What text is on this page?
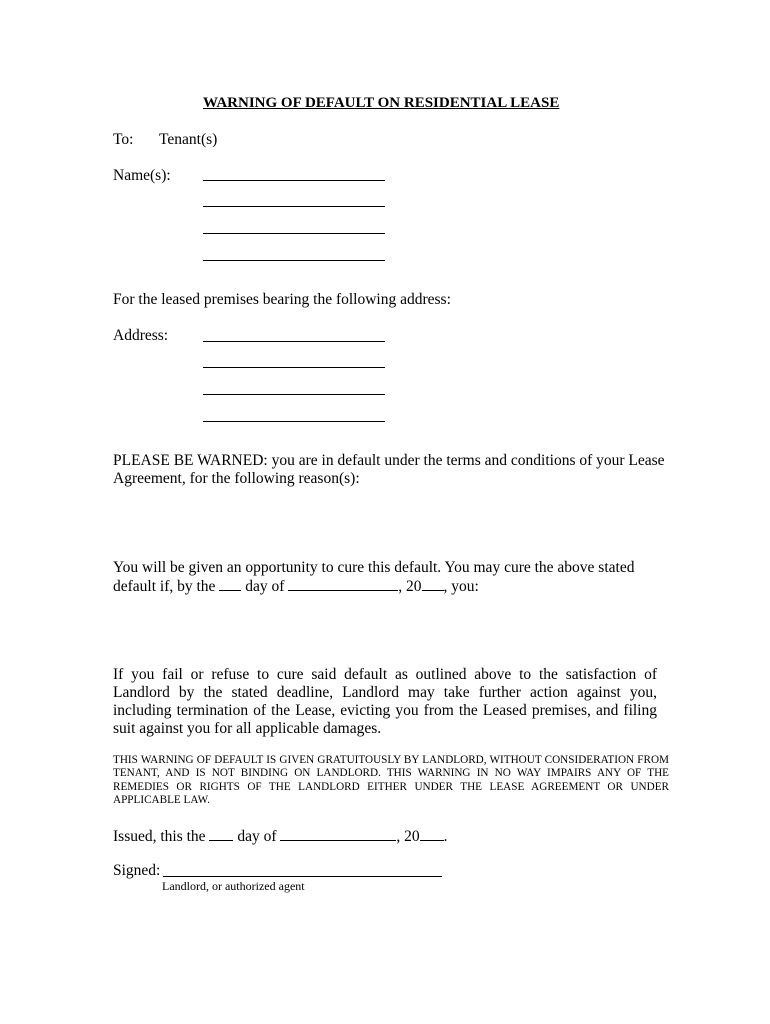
WARNING OF DEFAULT ON RESIDENTIAL LEASE
To: Tenant(s)
Name(s):
For the leased premises bearing the following address:
Address:
PLEASE BE WARNED: you are in default under the terms and conditions of your Lease
Agreement, for the following reason(s):
You will be given an opportunity to cure this default. You may cure the above stated
default if, by the day of	, 20 , you:
If you fail or refuse to cure said default as outlined above to the satisfaction of Landlord by the stated deadline, Landlord may take further action against you, including termination of the Lease, evicting you from the Leased premises, and filing suit against you for all applicable damages.
THIS WARNING OF DEFAULT IS GIVEN GRATUITOUSLY BY LANDLORD, WITHOUT CONSIDERATION FROM TENANT, AND IS NOT BINDING ON LANDLORD. THIS WARNING IN NO WAY IMPAIRS ANY OF THE REMEDIES OR RIGHTS OF THE LANDLORD EITHER UNDER THE LEASE AGREEMENT OR UNDER APPLICABLE LAW.
Issued, this the day of	, 20 .
Signed:
Landlord, or authorized agent
